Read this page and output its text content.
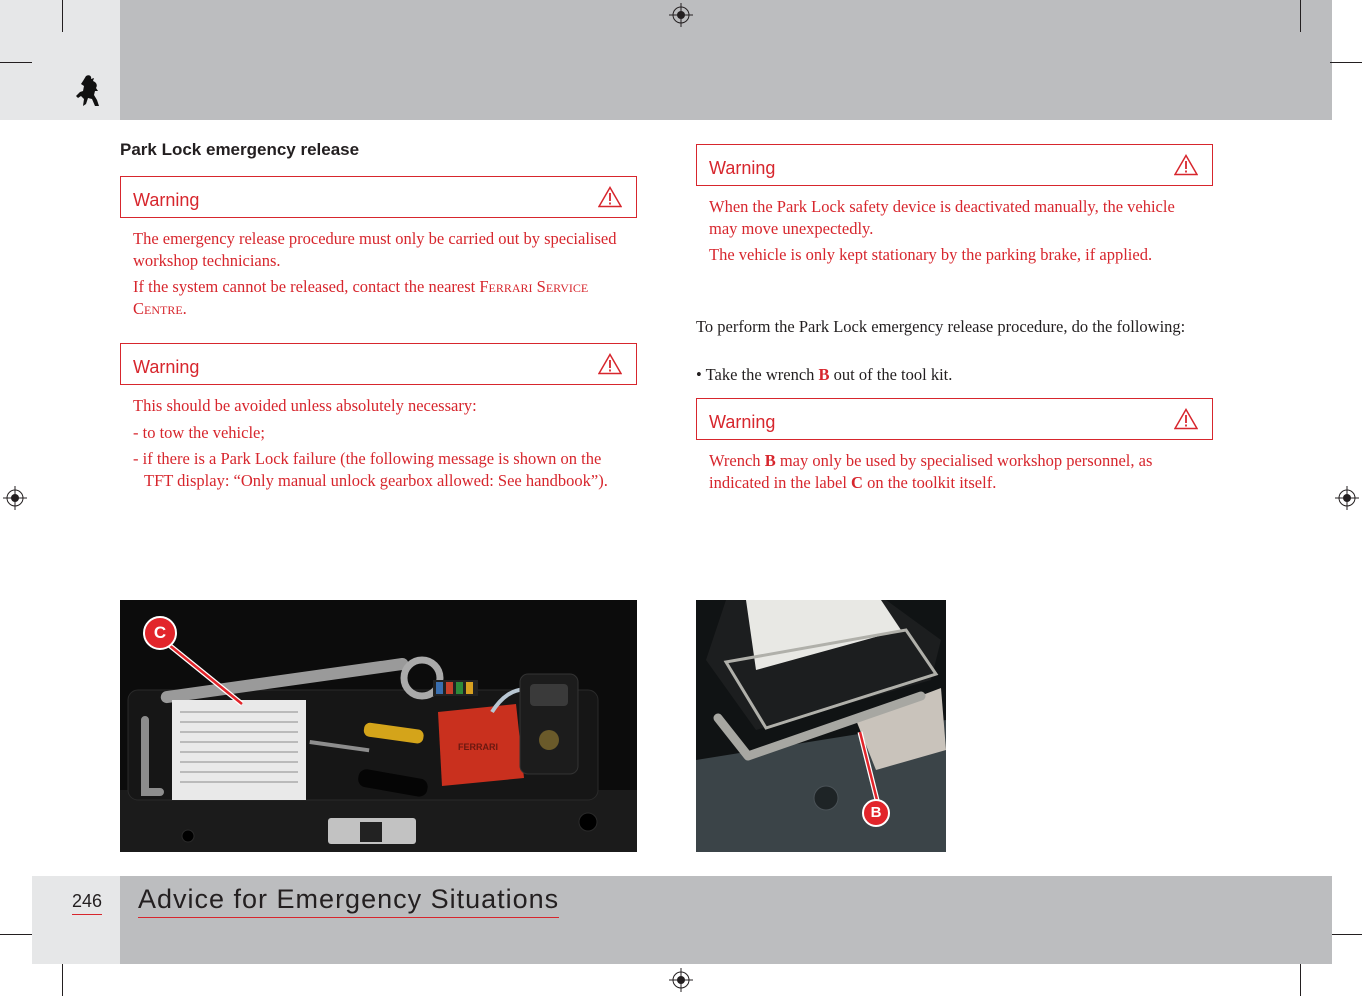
Park Lock emergency release
Warning
The emergency release procedure must only be carried out by specialised workshop technicians.
If the system cannot be released, contact the nearest Ferrari Service Centre.
Warning
This should be avoided unless absolutely necessary:
- to tow the vehicle;
- if there is a Park Lock failure (the following message is shown on the TFT display: “Only manual unlock gearbox allowed: See handbook”).
Warning
When the Park Lock safety device is deactivated manually, the vehicle may move unexpectedly.
The vehicle is only kept stationary by the parking brake, if applied.
To perform the Park Lock emergency release procedure, do the following:
• Take the wrench B out of the tool kit.
Warning
Wrench B may only be used by specialised workshop personnel, as indicated in the label C on the toolkit itself.
FERRARI
C
B
246 Advice for Emergency Situations
